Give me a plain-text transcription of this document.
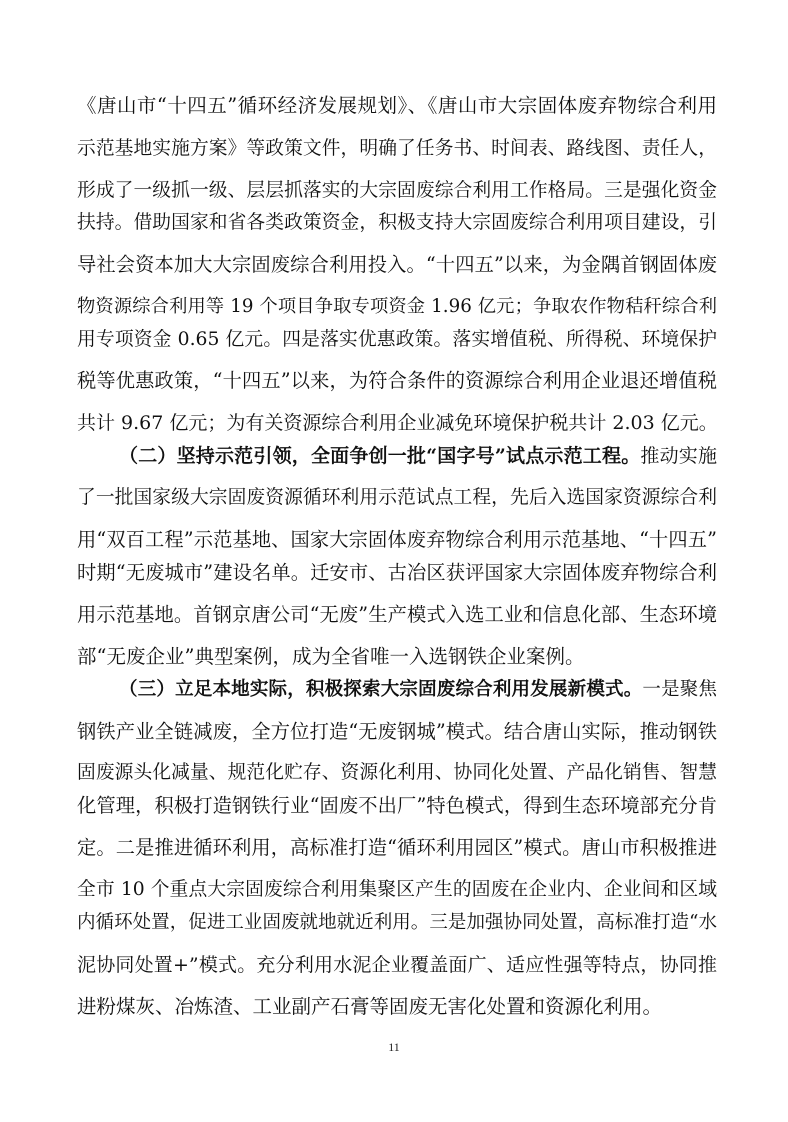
《唐山市“十四五”循环经济发展规划》、《唐山市大宗固体废弃物综合利用
示范基地实施方案》等政策文件，明确了任务书、时间表、路线图、责任人，
形成了一级抓一级、层层抓落实的大宗固废综合利用工作格局。三是强化资金
扶持。借助国家和省各类政策资金，积极支持大宗固废综合利用项目建设，引
导社会资本加大大宗固废综合利用投入。“十四五”以来，为金隅首钢固体废
物资源综合利用等 19 个项目争取专项资金 1.96 亿元；争取农作物秸秆综合利
用专项资金 0.65 亿元。四是落实优惠政策。落实增值税、所得税、环境保护
税等优惠政策，“十四五”以来，为符合条件的资源综合利用企业退还增值税
共计 9.67 亿元；为有关资源综合利用企业减免环境保护税共计 2.03 亿元。
（二）坚持示范引领，全面争创一批“国字号”试点示范工程。推动实施
了一批国家级大宗固废资源循环利用示范试点工程，先后入选国家资源综合利
用“双百工程”示范基地、国家大宗固体废弃物综合利用示范基地、“十四五”
时期“无废城市”建设名单。迁安市、古冶区获评国家大宗固体废弃物综合利
用示范基地。首钢京唐公司“无废”生产模式入选工业和信息化部、生态环境
部“无废企业”典型案例，成为全省唯一入选钢铁企业案例。
（三）立足本地实际，积极探索大宗固废综合利用发展新模式。一是聚焦
钢铁产业全链减废，全方位打造“无废钢城”模式。结合唐山实际，推动钢铁
固废源头化减量、规范化贮存、资源化利用、协同化处置、产品化销售、智慧
化管理，积极打造钢铁行业“固废不出厂”特色模式，得到生态环境部充分肯
定。二是推进循环利用，高标准打造“循环利用园区”模式。唐山市积极推进
全市 10 个重点大宗固废综合利用集聚区产生的固废在企业内、企业间和区域
内循环处置，促进工业固废就地就近利用。三是加强协同处置，高标准打造“水
泥协同处置+”模式。充分利用水泥企业覆盖面广、适应性强等特点，协同推
进粉煤灰、冶炼渣、工业副产石膏等固废无害化处置和资源化利用。
11
